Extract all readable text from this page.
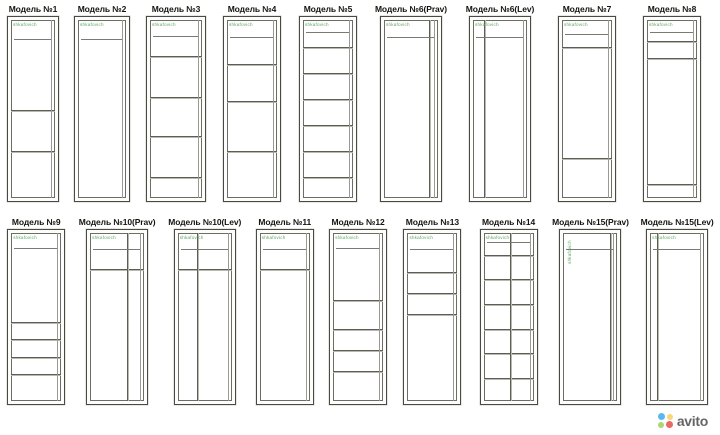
Модель №1
shkafovich
Модель №2
shkafovich
Модель №3
shkafovich
Модель №4
shkafovich
Модель №5
shkafovich
Модель №6(Prav)
shkafovich
Модель №6(Lev)
shkafovich
Модель №7
shkafovich
Модель №8
shkafovich
Модель №9
shkafovich
Модель №10(Prav)
shkafovich
Модель №10(Lev)
shkafovich
Модель №11
shkafovich
Модель №12
shkafovich
Модель №13
shkafovich
Модель №14
shkafovich
Модель №15(Prav)
shkafovich
Модель №15(Lev)
shkafovich
avito
